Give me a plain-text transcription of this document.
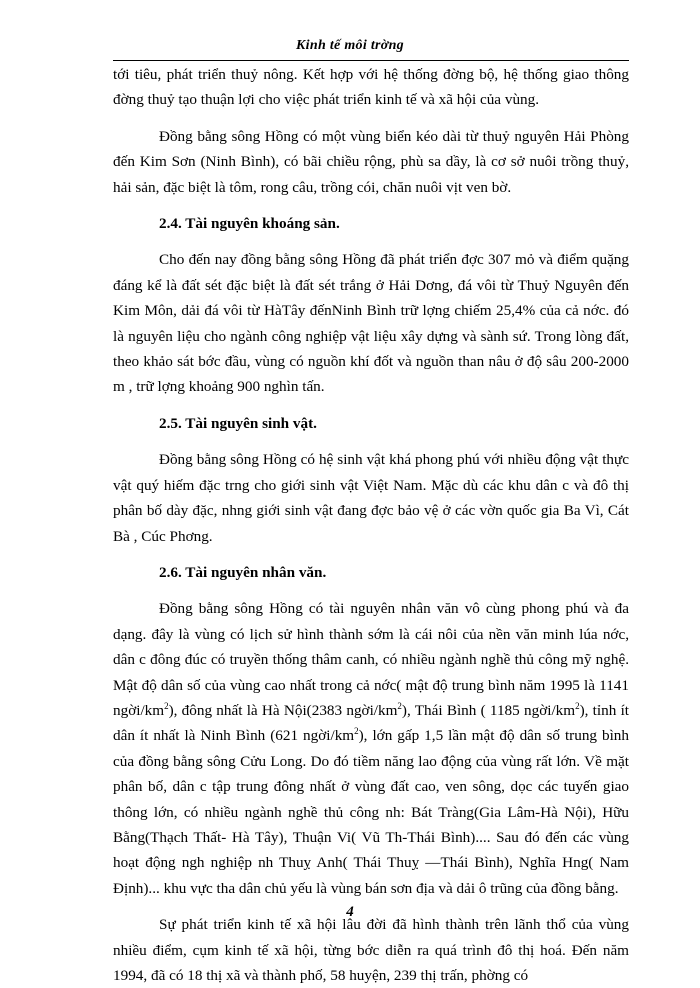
Kinh tế môi trờng

tới tiêu, phát triển thuỷ nông. Kết hợp với hệ thống đờng bộ, hệ thống giao thông đờng thuỷ tạo thuận lợi cho việc phát triển kinh tế và xã hội của vùng.

Đồng bằng sông Hồng có một vùng biển kéo dài từ thuỷ nguyên Hải Phòng đến Kim Sơn (Ninh Bình), có bãi chiều rộng, phù sa dầy, là cơ sở nuôi trồng thuỷ, hải sản, đặc biệt là tôm, rong câu, trồng cói, chăn nuôi vịt ven bờ.

2.4. Tài nguyên khoáng sản.

Cho đến nay đồng bằng sông Hồng đã phát triển đợc 307 mỏ và điểm quặng đáng kể là đất sét đặc biệt là đất sét trắng ở Hải Dơng, đá vôi từ Thuỷ Nguyên đến Kim Môn, dải đá vôi từ HàTây đếnNinh Bình trữ lợng chiếm 25,4% của cả nớc. đó là nguyên liệu cho ngành công nghiệp vật liệu xây dựng và sành sứ. Trong lòng đất, theo khảo sát bớc đầu, vùng có nguồn khí đốt và nguồn than nâu ở độ sâu 200-2000 m , trữ lợng khoảng 900 nghìn tấn.

2.5. Tài nguyên sinh vật.

Đồng bằng sông Hồng có hệ sinh vật khá phong phú với nhiều động vật thực vật quý hiếm đặc trng cho giới sinh vật Việt Nam. Mặc dù các khu dân c và đô thị phân bố dày đặc, nhng giới sinh vật đang đợc bảo vệ ở các vờn quốc gia Ba Vì, Cát Bà , Cúc Phơng.

2.6. Tài nguyên nhân văn.

Đồng bằng sông Hồng có tài nguyên nhân văn vô cùng phong phú và đa dạng. đây là vùng có lịch sử hình thành sớm là cái nôi của nền văn minh lúa nớc, dân c đông đúc có truyền thống thâm canh, có nhiều ngành nghề thủ công mỹ nghệ. Mật độ dân số của vùng cao nhất trong cả nớc( mật độ trung bình năm 1995 là 1141 ngời/$km^2$), đông nhất là Hà Nội(2383 ngời/$km^2$), Thái Bình ( 1185 ngời/$km^2$), tỉnh ít dân ít nhất là Ninh Bình (621 ngời/$km^2$), lớn gấp 1,5 lần mật độ dân số trung bình của đồng bằng sông Cửu Long. Do đó tiềm năng lao động của vùng rất lớn. Về mặt phân bố, dân c tập trung đông nhất ở vùng đất cao, ven sông, dọc các tuyến giao thông lớn, có nhiều ngành nghề thủ công nh: Bát Tràng(Gia Lâm-Hà Nội), Hữu Bằng(Thạch Thất- Hà Tây), Thuận Vi( Vũ Th-Thái Bình).... Sau đó đến các vùng hoạt động ngh nghiệp nh Thuỵ Anh( Thái Thuỵ —Thái Bình), Nghĩa Hng( Nam Định)... khu vực tha dân chủ yếu là vùng bán sơn địa và dải ô trũng của đồng bằng.

Sự phát triển kinh tế xã hội lâu đời đã hình thành trên lãnh thổ của vùng nhiều điểm, cụm kinh tế xã hội, từng bớc diễn ra quá trình đô thị hoá. Đến năm 1994, đã có 18 thị xã và thành phố, 58 huyện, 239 thị trấn, phờng có

4
